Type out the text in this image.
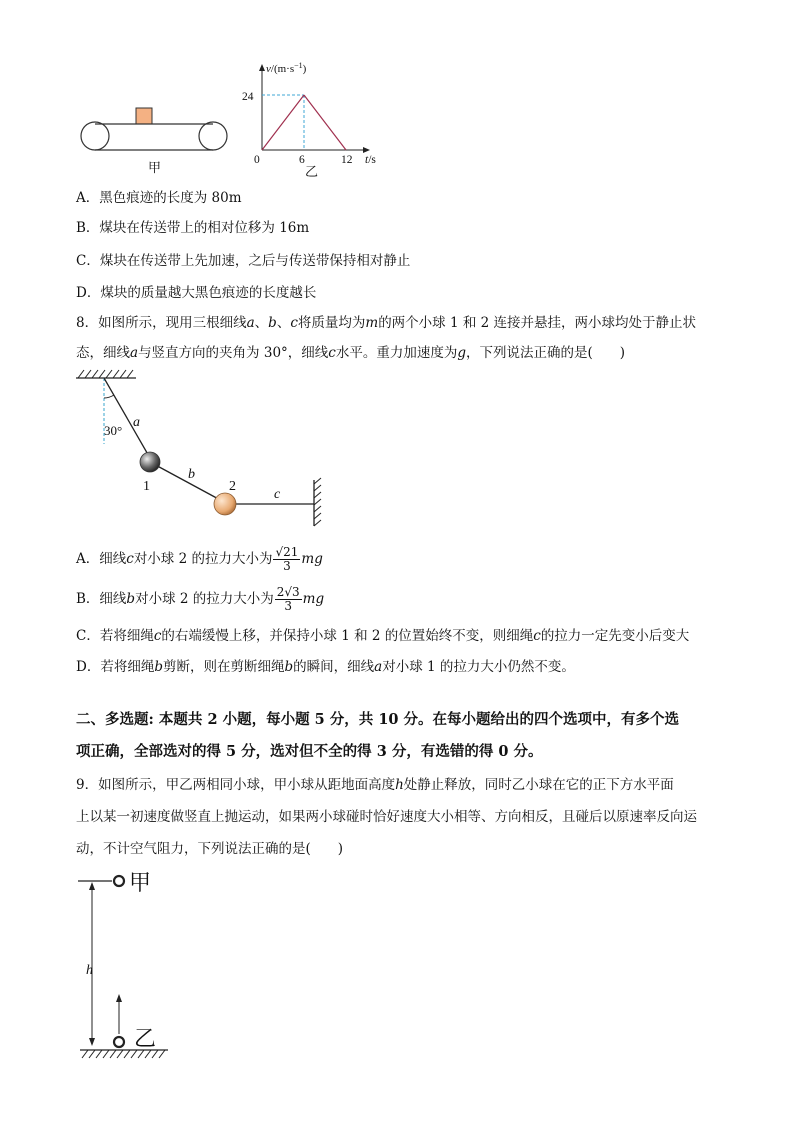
甲
$v/(m\cdot s^{-1})$
24
0	6	12 t/s
乙
A．黑色痕迹的长度为 80m
B．煤块在传送带上的相对位移为 16m
C．煤块在传送带上先加速，之后与传送带保持相对静止
D．煤块的质量越大黑色痕迹的长度越长
8．如图所示，现用三根细线a、b、c将质量均为m的两个小球 1 和 2 连接并悬挂，两小球均处于静止状
态，细线a与竖直方向的夹角为 30°，细线c水平。重力加速度为g，下列说法正确的是(　　)
30°
a
b
c
1	2
A．细线c对小球 2 的拉力大小为 $\frac{√21}{3}$ mg
B．细线b对小球 2 的拉力大小为 $\frac{2√3}{3}$ mg
C．若将细绳c的右端缓慢上移，并保持小球 1 和 2 的位置始终不变，则细绳c的拉力一定先变小后变大
D．若将细绳b剪断，则在剪断细绳b的瞬间，细线a对小球 1 的拉力大小仍然不变。
二、多选题: 本题共 2 小题，每小题 5 分，共 10 分。在每小题给出的四个选项中，有多个选
项正确，全部选对的得 5 分，选对但不全的得 3 分，有选错的得 0 分。
9．如图所示，甲乙两相同小球，甲小球从距地面高度h处静止释放，同时乙小球在它的正下方水平面
上以某一初速度做竖直上抛运动，如果两小球碰时恰好速度大小相等、方向相反，且碰后以原速率反向运
动，不计空气阻力，下列说法正确的是(　　)
甲
h
乙
